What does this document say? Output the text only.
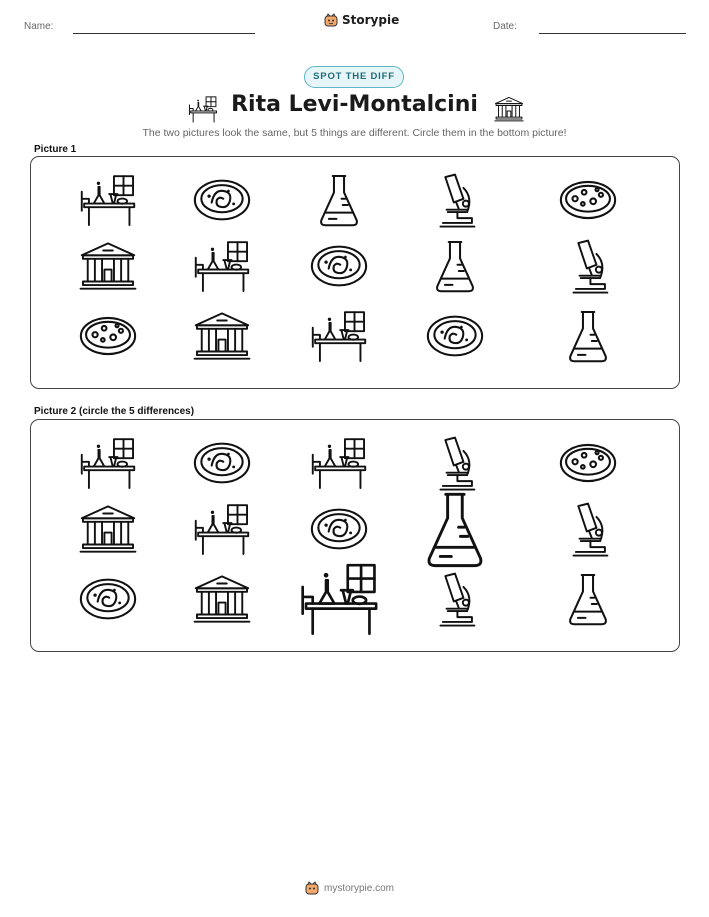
Name:	Storypie	Date:
SPOT THE DIFF
Rita Levi-Montalcini
The two pictures look the same, but 5 things are different. Circle them in the bottom picture!
Picture 1
Picture 2 (circle the 5 differences)
mystorypie.com
